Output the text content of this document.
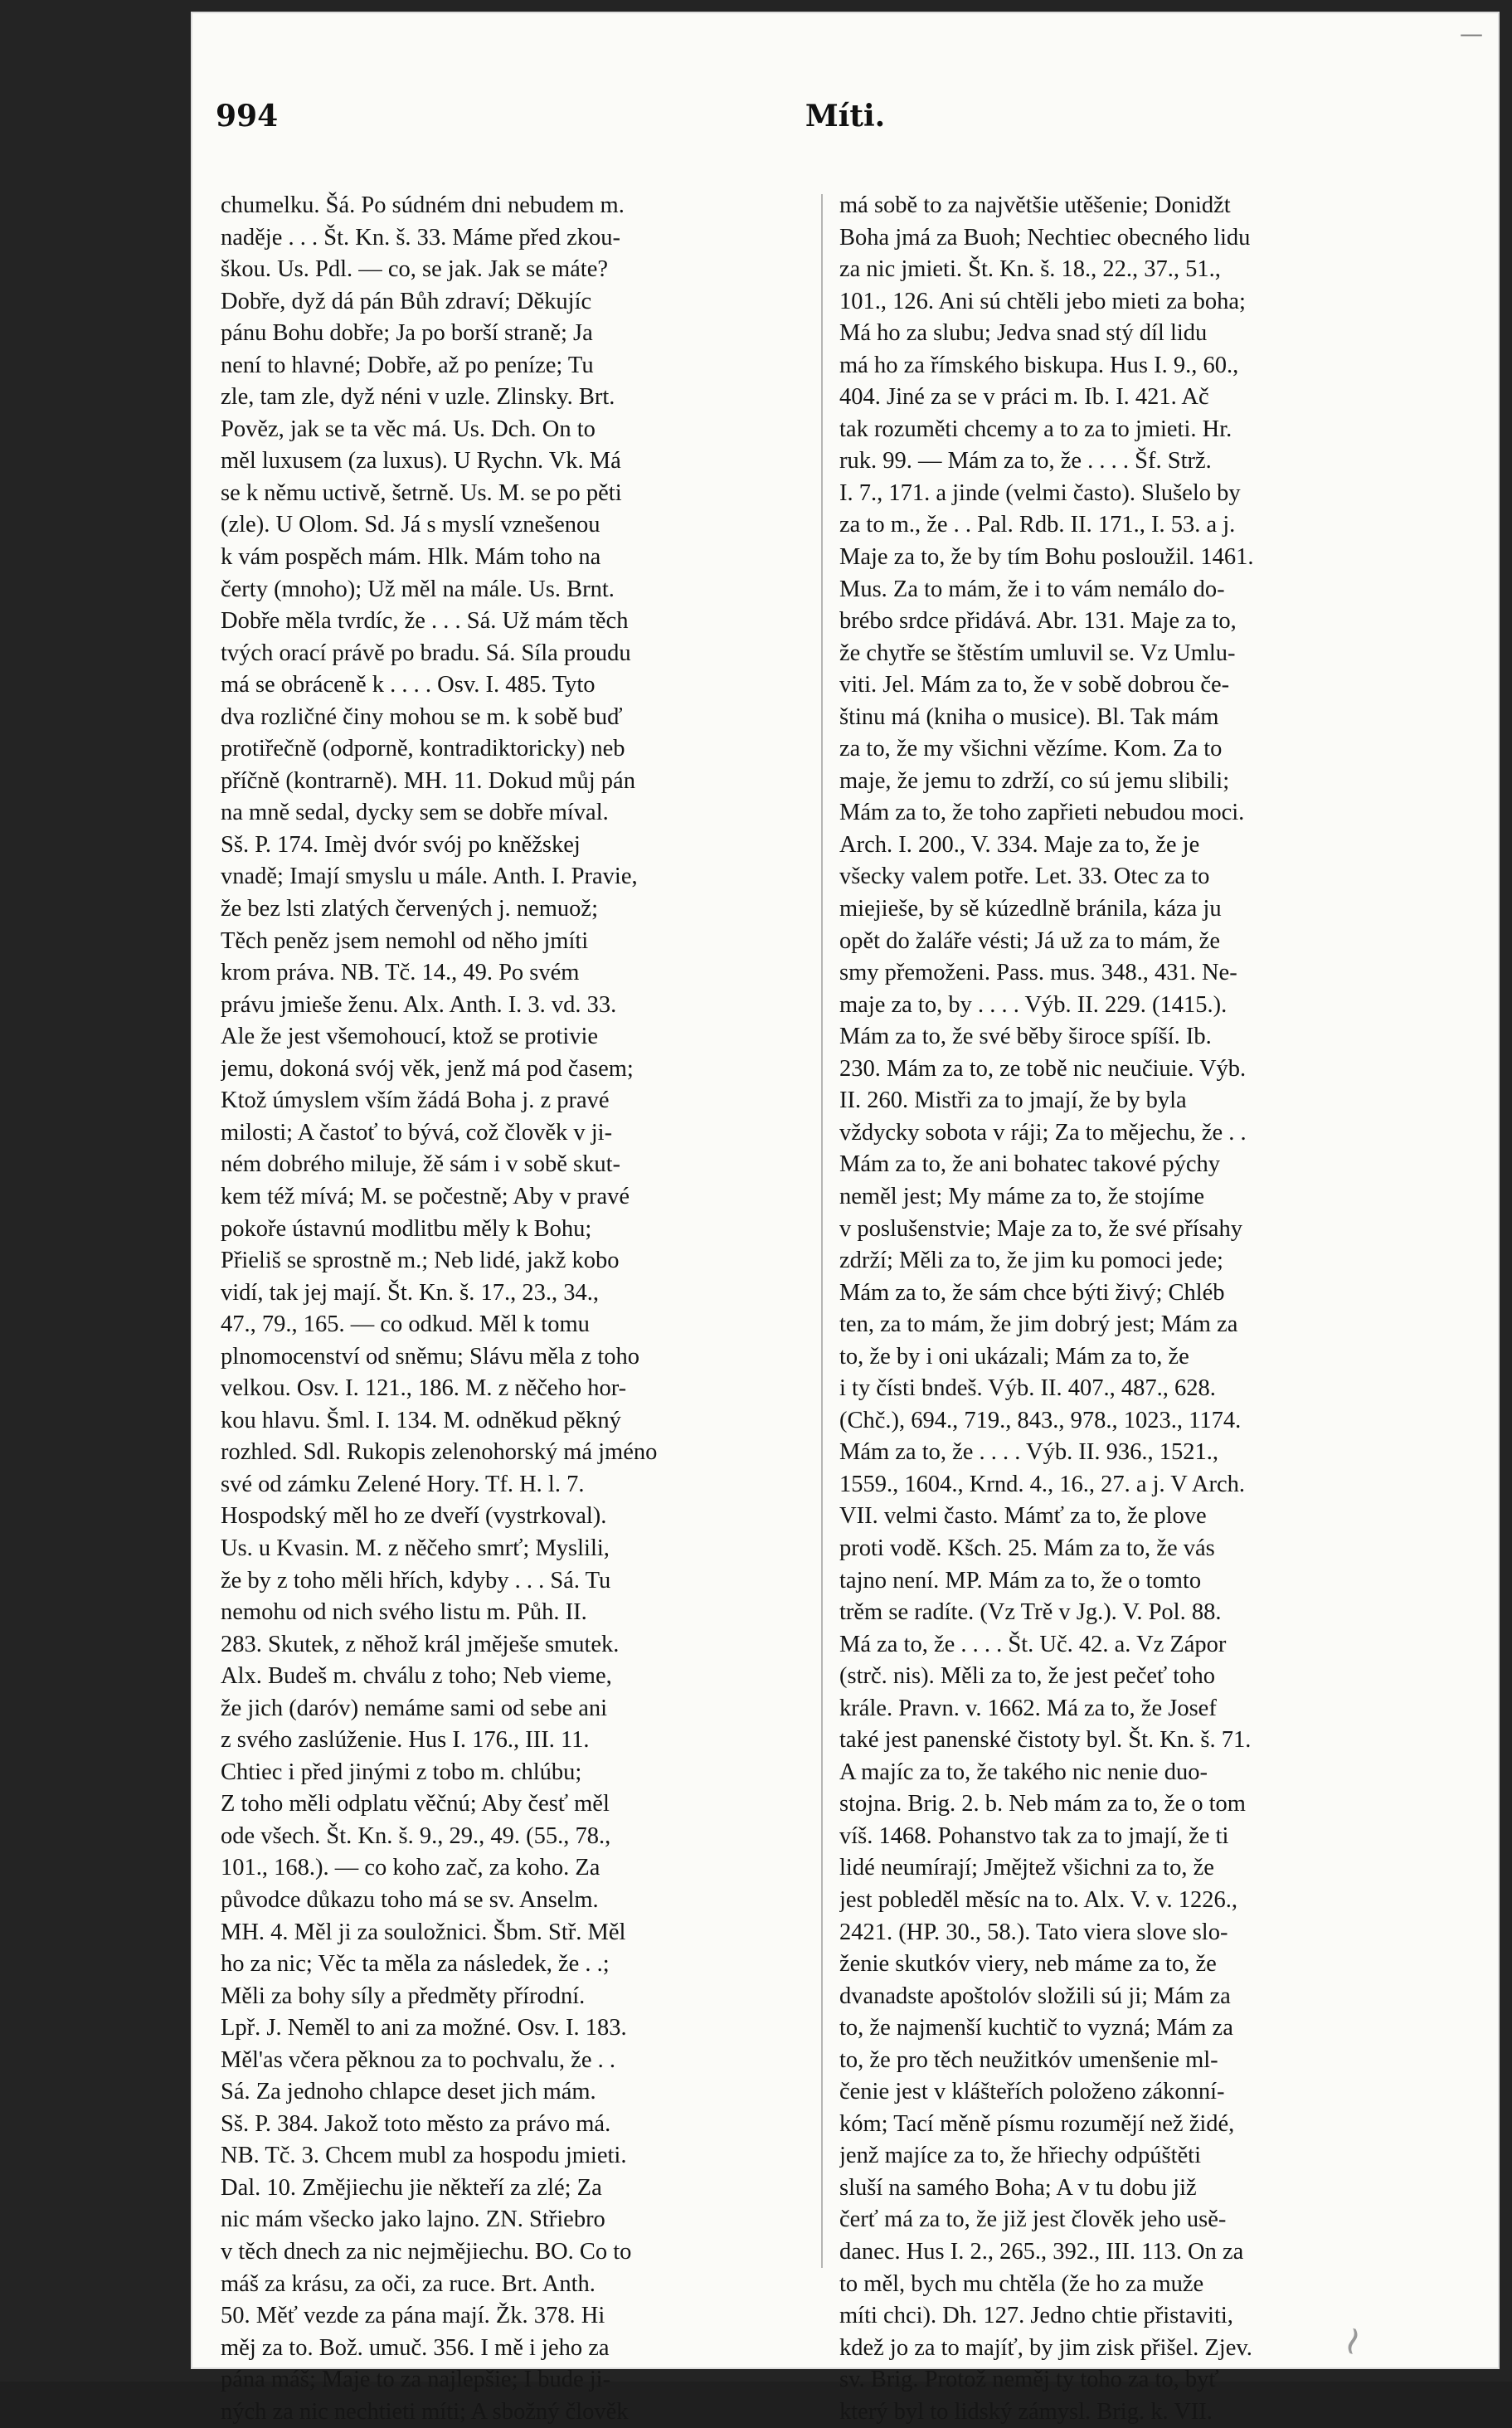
—
994	Míti.
chumelku. Šá. Po súdném dni nebudem m.
naděje . . . Št. Kn. š. 33. Máme před zkou-
škou. Us. Pdl. — co, se jak. Jak se máte?
Dobře, dyž dá pán Bůh zdraví; Děkujíc
pánu Bohu dobře; Ja po borší straně; Ja
není to hlavné; Dobře, až po peníze; Tu
zle, tam zle, dyž néni v uzle. Zlinsky. Brt.
Pověz, jak se ta věc má. Us. Dch. On to
měl luxusem (za luxus). U Rychn. Vk. Má
se k němu uctivě, šetrně. Us. M. se po pěti
(zle). U Olom. Sd. Já s myslí vznešenou
k vám pospěch mám. Hlk. Mám toho na
čerty (mnoho); Už měl na mále. Us. Brnt.
Dobře měla tvrdíc, že . . . Sá. Už mám těch
tvých orací právě po bradu. Sá. Síla proudu
má se obráceně k . . . . Osv. I. 485. Tyto
dva rozličné činy mohou se m. k sobě buď
protiřečně (odporně, kontradiktoricky) neb
příčně (kontrarně). MH. 11. Dokud můj pán
na mně sedal, dycky sem se dobře míval.
Sš. P. 174. Imèj dvór svój po kněžskej
vnadě; Imají smyslu u mále. Anth. I. Pravie,
že bez lsti zlatých červených j. nemuož;
Těch peněz jsem nemohl od něho jmíti
krom práva. NB. Tč. 14., 49. Po svém
právu jmieše ženu. Alx. Anth. I. 3. vd. 33.
Ale že jest všemohoucí, ktož se protivie
jemu, dokoná svój věk, jenž má pod časem;
Ktož úmyslem vším žádá Boha j. z pravé
milosti; A častoť to bývá, což člověk v ji-
ném dobrého miluje, žě sám i v sobě skut-
kem též mívá; M. se počestně; Aby v pravé
pokoře ústavnú modlitbu měly k Bohu;
Přieliš se sprostně m.; Neb lidé, jakž kobo
vidí, tak jej mají. Št. Kn. š. 17., 23., 34.,
47., 79., 165. — co odkud. Měl k tomu
plnomocenství od sněmu; Slávu měla z toho
velkou. Osv. I. 121., 186. M. z něčeho hor-
kou hlavu. Šml. I. 134. M. odněkud pěkný
rozhled. Sdl. Rukopis zelenohorský má jméno
své od zámku Zelené Hory. Tf. H. l. 7.
Hospodský měl ho ze dveří (vystrkoval).
Us. u Kvasin. M. z něčeho smrť; Myslili,
že by z toho měli hřích, kdyby . . . Sá. Tu
nemohu od nich svého listu m. Půh. II.
283. Skutek, z něhož král jměješe smutek.
Alx. Budeš m. chválu z toho; Neb vieme,
že jich (daróv) nemáme sami od sebe ani
z svého zaslúženie. Hus I. 176., III. 11.
Chtiec i před jinými z tobo m. chlúbu;
Z toho měli odplatu věčnú; Aby česť měl
ode všech. Št. Kn. š. 9., 29., 49. (55., 78.,
101., 168.). — co koho zač, za koho. Za
původce důkazu toho má se sv. Anselm.
MH. 4. Měl ji za souložnici. Šbm. Stř. Měl
ho za nic; Věc ta měla za následek, že . .;
Měli za bohy síly a předměty přírodní.
Lpř. J. Neměl to ani za možné. Osv. I. 183.
Měl'as včera pěknou za to pochvalu, že . .
Sá. Za jednoho chlapce deset jich mám.
Sš. P. 384. Jakož toto město za právo má.
NB. Tč. 3. Chcem mubl za hospodu jmieti.
Dal. 10. Změjiechu jie někteří za zlé; Za
nic mám všecko jako lajno. ZN. Střiebro
v těch dnech za nic nejmějiechu. BO. Co to
máš za krásu, za oči, za ruce. Brt. Anth.
50. Měť vezde za pána mají. Žk. 378. Hi
měj za to. Bož. umuč. 356. I mě i jeho za
pána máš; Maje to za najlepšie; I bude ji-
ných za nic nechtieti míti; A sbožný člověk
má sobě to za najvětšie utěšenie; Donidžt
Boha jmá za Buoh; Nechtiec obecného lidu
za nic jmieti. Št. Kn. š. 18., 22., 37., 51.,
101., 126. Ani sú chtěli jebo mieti za boha;
Má ho za slubu; Jedva snad stý díl lidu
má ho za římského biskupa. Hus I. 9., 60.,
404. Jiné za se v práci m. Ib. I. 421. Ač
tak rozuměti chcemy a to za to jmieti. Hr.
ruk. 99. — Mám za to, že . . . . Šf. Strž.
I. 7., 171. a jinde (velmi často). Slušelo by
za to m., že . . Pal. Rdb. II. 171., I. 53. a j.
Maje za to, že by tím Bohu posloužil. 1461.
Mus. Za to mám, že i to vám nemálo do-
brébo srdce přidává. Abr. 131. Maje za to,
že chytře se štěstím umluvil se. Vz Umlu-
viti. Jel. Mám za to, že v sobě dobrou če-
štinu má (kniha o musice). Bl. Tak mám
za to, že my všichni vězíme. Kom. Za to
maje, že jemu to zdrží, co sú jemu slibili;
Mám za to, že toho zapřieti nebudou moci.
Arch. I. 200., V. 334. Maje za to, že je
všecky valem potře. Let. 33. Otec za to
miejieše, by sě kúzedlně bránila, káza ju
opět do žaláře vésti; Já už za to mám, že
smy přemoženi. Pass. mus. 348., 431. Ne-
maje za to, by . . . . Výb. II. 229. (1415.).
Mám za to, že své běby široce spíší. Ib.
230. Mám za to, ze tobě nic neučiuie. Výb.
II. 260. Mistři za to jmají, že by byla
vždycky sobota v ráji; Za to mějechu, že . .
Mám za to, že ani bohatec takové pýchy
neměl jest; My máme za to, že stojíme
v poslušenstvie; Maje za to, že své přísahy
zdrží; Měli za to, že jim ku pomoci jede;
Mám za to, že sám chce býti živý; Chléb
ten, za to mám, že jim dobrý jest; Mám za
to, že by i oni ukázali; Mám za to, že
i ty čísti bndeš. Výb. II. 407., 487., 628.
(Chč.), 694., 719., 843., 978., 1023., 1174.
Mám za to, že . . . . Výb. II. 936., 1521.,
1559., 1604., Krnd. 4., 16., 27. a j. V Arch.
VII. velmi často. Mámť za to, že plove
proti vodě. Kšch. 25. Mám za to, že vás
tajno není. MP. Mám za to, že o tomto
trěm se radíte. (Vz Trě v Jg.). V. Pol. 88.
Má za to, že . . . . Št. Uč. 42. a. Vz Zápor
(strč. nis). Měli za to, že jest pečeť toho
krále. Pravn. v. 1662. Má za to, že Josef
také jest panenské čistoty byl. Št. Kn. š. 71.
A majíc za to, že takého nic nenie duo-
stojna. Brig. 2. b. Neb mám za to, že o tom
víš. 1468. Pohanstvo tak za to jmají, že ti
lidé neumírají; Jmějtež všichni za to, že
jest pobleděl měsíc na to. Alx. V. v. 1226.,
2421. (HP. 30., 58.). Tato viera slove slo-
ženie skutkóv viery, neb máme za to, že
dvanadste apoštolóv složili sú ji; Mám za
to, že najmenší kuchtič to vyzná; Mám za
to, že pro těch neužitkóv umenšenie ml-
čenie jest v klášteřích položeno zákonní-
kóm; Tací měně písmu rozumějí než židé,
jenž majíce za to, že hřiechy odpúštěti
sluší na samého Boha; A v tu dobu již
čerť má za to, že již jest člověk jeho usě-
danec. Hus I. 2., 265., 392., III. 113. On za
to měl, bych mu chtěla (že ho za muže
míti chci). Dh. 127. Jedno chtie přistaviti,
kdež jo za to majíť, by jim zisk přišel. Zjev.
sv. Brig. Protož neměj ty toho za to, byť
který byl to lidský zámysl. Brig. k. VII.
~
